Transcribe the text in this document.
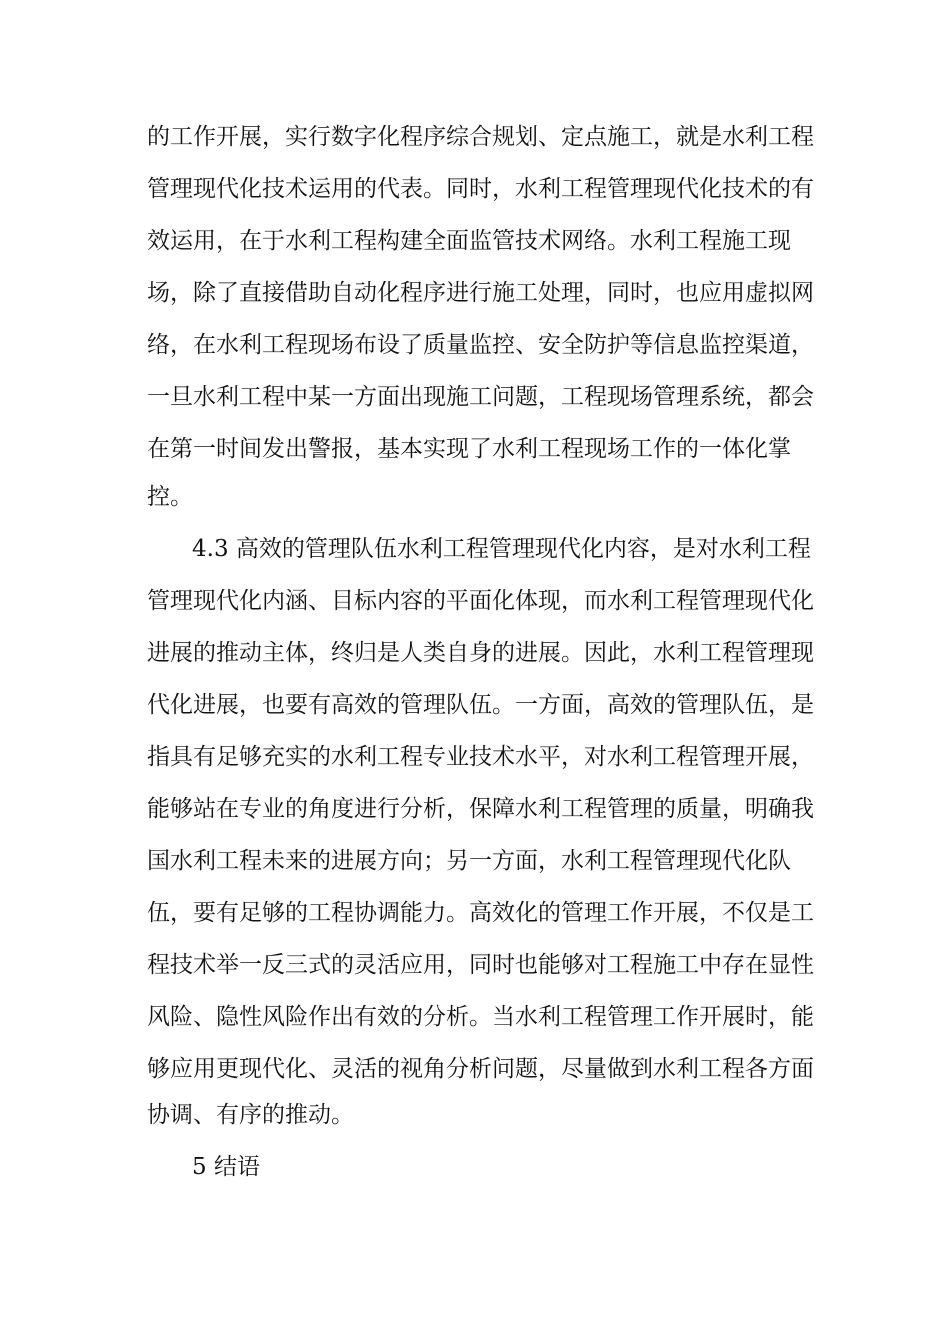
的工作开展，实行数字化程序综合规划、定点施工，就是水利工程
管理现代化技术运用的代表。同时，水利工程管理现代化技术的有
效运用，在于水利工程构建全面监管技术网络。水利工程施工现
场，除了直接借助自动化程序进行施工处理，同时，也应用虚拟网
络，在水利工程现场布设了质量监控、安全防护等信息监控渠道，
一旦水利工程中某一方面出现施工问题，工程现场管理系统，都会
在第一时间发出警报，基本实现了水利工程现场工作的一体化掌
控。
4.3 高效的管理队伍水利工程管理现代化内容，是对水利工程
管理现代化内涵、目标内容的平面化体现，而水利工程管理现代化
进展的推动主体，终归是人类自身的进展。因此，水利工程管理现
代化进展，也要有高效的管理队伍。一方面，高效的管理队伍，是
指具有足够充实的水利工程专业技术水平，对水利工程管理开展，
能够站在专业的角度进行分析，保障水利工程管理的质量，明确我
国水利工程未来的进展方向；另一方面，水利工程管理现代化队
伍，要有足够的工程协调能力。高效化的管理工作开展，不仅是工
程技术举一反三式的灵活应用，同时也能够对工程施工中存在显性
风险、隐性风险作出有效的分析。当水利工程管理工作开展时，能
够应用更现代化、灵活的视角分析问题，尽量做到水利工程各方面
协调、有序的推动。
5 结语
